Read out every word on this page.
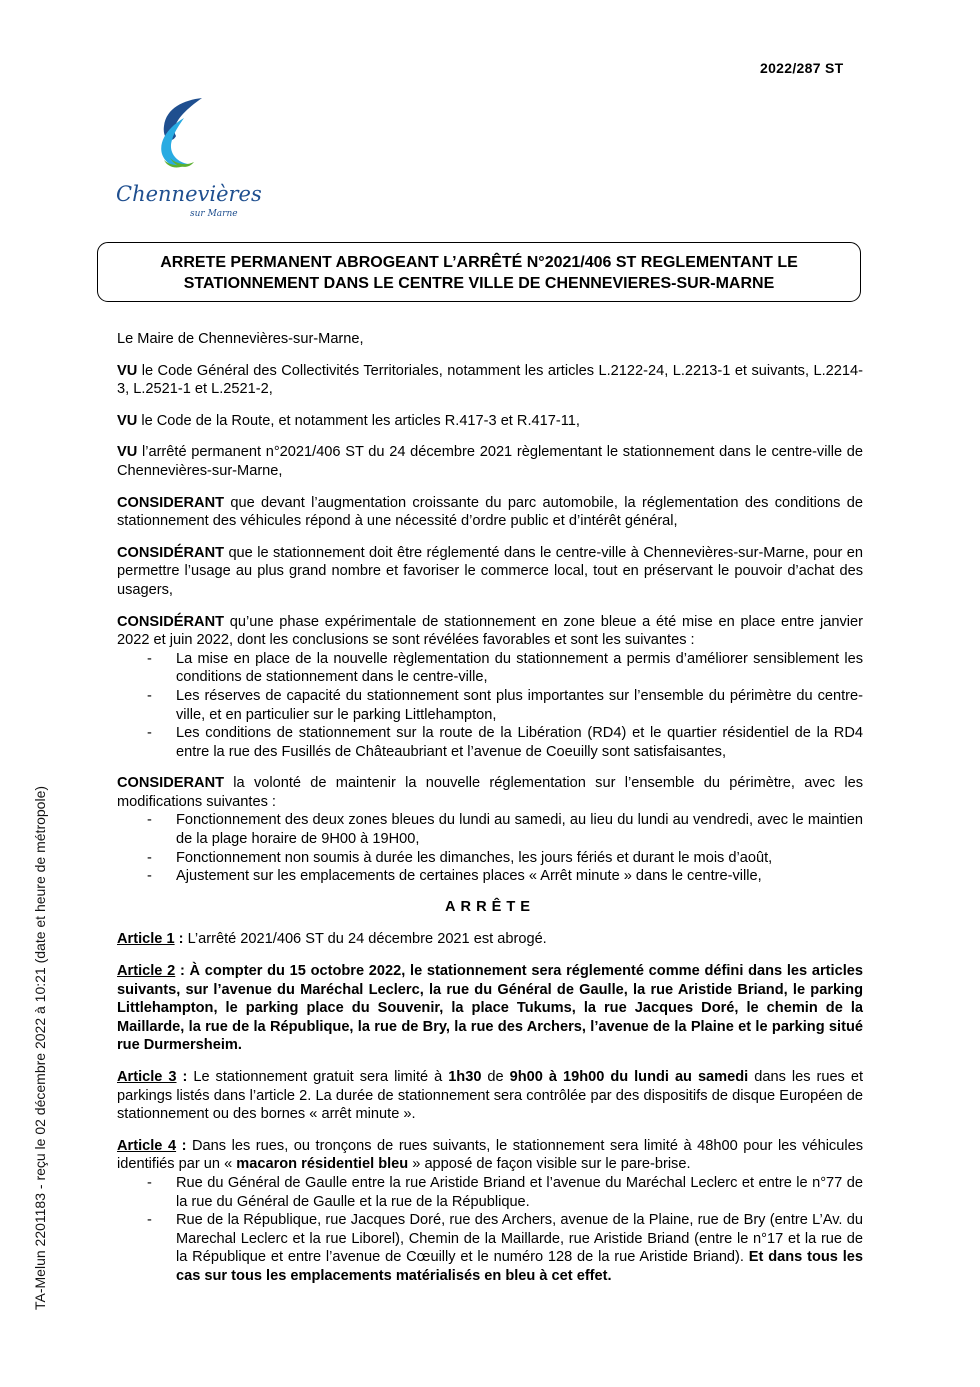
2022/287 ST
Chennevières
sur Marne
ARRETE PERMANENT ABROGEANT L’ARRÊTÉ N°2021/406 ST REGLEMENTANT LE
STATIONNEMENT DANS LE CENTRE VILLE DE CHENNEVIERES-SUR-MARNE
TA-Melun 2201183 - reçu le 02 décembre 2022 à 10:21 (date et heure de métropole)

Le Maire de Chennevières-sur-Marne,

VU le Code Général des Collectivités Territoriales, notamment les articles L.2122-24, L.2213-1 et suivants, L.2214-3, L.2521-1 et L.2521-2,

VU le Code de la Route, et notamment les articles R.417-3 et R.417-11,

VU l’arrêté permanent n°2021/406 ST du 24 décembre 2021 règlementant le stationnement dans le centre-ville de Chennevières-sur-Marne,

CONSIDERANT que devant l’augmentation croissante du parc automobile, la réglementation des conditions de stationnement des véhicules répond à une nécessité d’ordre public et d’intérêt général,

CONSIDÉRANT que le stationnement doit être réglementé dans le centre-ville à Chennevières-sur-Marne, pour en permettre l’usage au plus grand nombre et favoriser le commerce local, tout en préservant le pouvoir d’achat des usagers,

CONSIDÉRANT qu’une phase expérimentale de stationnement en zone bleue a été mise en place entre janvier 2022 et juin 2022, dont les conclusions se sont révélées favorables et sont les suivantes :

- La mise en place de la nouvelle règlementation du stationnement a permis d’améliorer sensiblement les conditions de stationnement dans le centre-ville,
- Les réserves de capacité du stationnement sont plus importantes sur l’ensemble du périmètre du centre-ville, et en particulier sur le parking Littlehampton,
- Les conditions de stationnement sur la route de la Libération (RD4) et le quartier résidentiel de la RD4 entre la rue des Fusillés de Châteaubriant et l’avenue de Coeuilly sont satisfaisantes,

CONSIDERANT la volonté de maintenir la nouvelle réglementation sur l’ensemble du périmètre, avec les modifications suivantes :

- Fonctionnement des deux zones bleues du lundi au samedi, au lieu du lundi au vendredi, avec le maintien de la plage horaire de 9H00 à 19H00,
- Fonctionnement non soumis à durée les dimanches, les jours fériés et durant le mois d’août,
- Ajustement sur les emplacements de certaines places « Arrêt minute » dans le centre-ville,

ARRÊTE

Article 1 : L’arrêté 2021/406 ST du 24 décembre 2021 est abrogé.

Article 2 : À compter du 15 octobre 2022, le stationnement sera réglementé comme défini dans les articles suivants, sur l’avenue du Maréchal Leclerc, la rue du Général de Gaulle, la rue Aristide Briand, le parking Littlehampton, le parking place du Souvenir, la place Tukums, la rue Jacques Doré, le chemin de la Maillarde, la rue de la République, la rue de Bry, la rue des Archers, l’avenue de la Plaine et le parking situé rue Durmersheim.

Article 3 : Le stationnement gratuit sera limité à 1h30 de 9h00 à 19h00 du lundi au samedi dans les rues et parkings listés dans l’article 2. La durée de stationnement sera contrôlée par des dispositifs de disque Européen de stationnement ou des bornes « arrêt minute ».

Article 4 : Dans les rues, ou tronçons de rues suivants, le stationnement sera limité à 48h00 pour les véhicules identifiés par un « macaron résidentiel bleu » apposé de façon visible sur le pare-brise.

- Rue du Général de Gaulle entre la rue Aristide Briand et l’avenue du Maréchal Leclerc et entre le n°77 de la rue du Général de Gaulle et la rue de la République.
- Rue de la République, rue Jacques Doré, rue des Archers, avenue de la Plaine, rue de Bry (entre L’Av. du Marechal Leclerc et la rue Liborel), Chemin de la Maillarde, rue Aristide Briand (entre le n°17 et la rue de la République et entre l’avenue de Cœuilly et le numéro 128 de la rue Aristide Briand). Et dans tous les cas sur tous les emplacements matérialisés en bleu à cet effet.
